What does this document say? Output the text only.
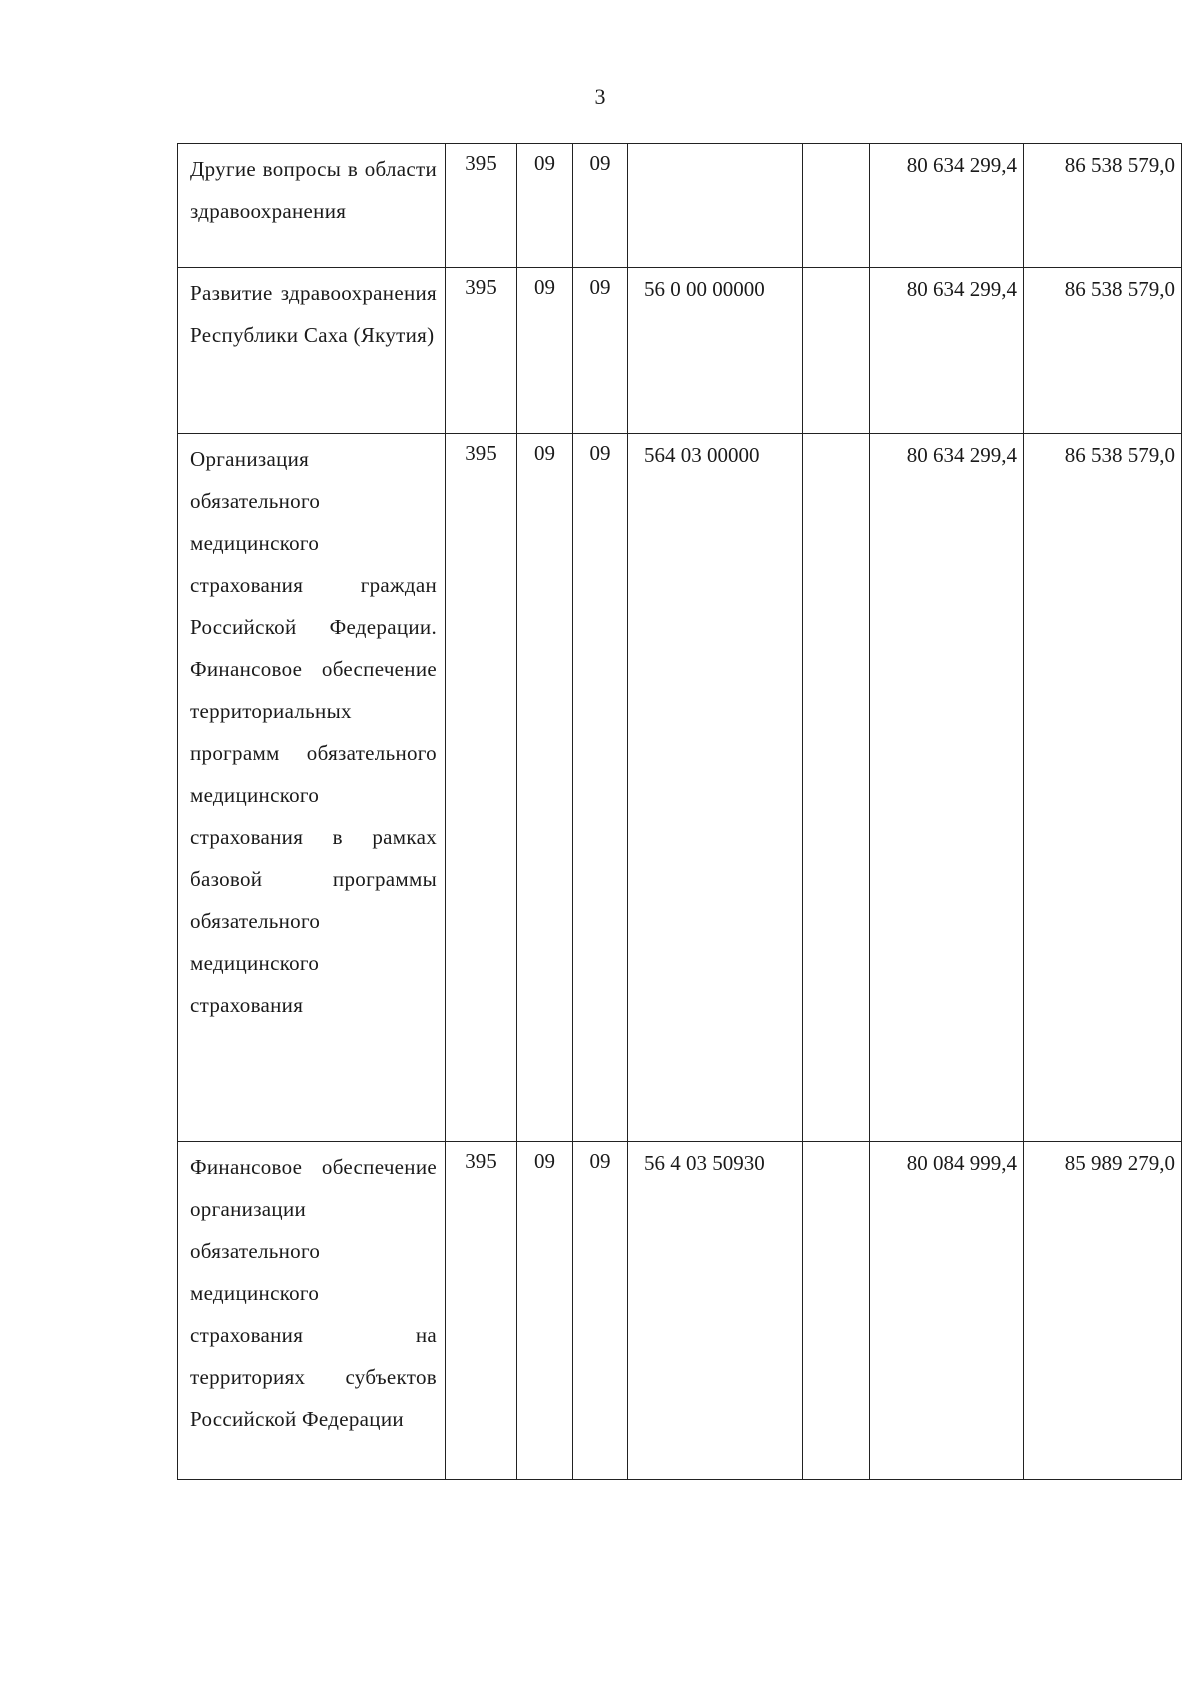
3
Другие вопросы в области здравоохранения	395	09	09			80 634 299,4	86 538 579,0
Развитие здравоохранения Республики Саха (Якутия)	395	09	09	56 0 00 00000		80 634 299,4	86 538 579,0
Организация обязательного медицинского страхования граждан Российской Федерации. Финансовое обеспечение территориальных программ обязательного медицинского страхования в рамках базовой программы обязательного медицинского страхования	395	09	09	564 03 00000		80 634 299,4	86 538 579,0
Финансовое обеспечение организации обязательного медицинского страхования на территориях субъектов Российской Федерации	395	09	09	56 4 03 50930		80 084 999,4	85 989 279,0
